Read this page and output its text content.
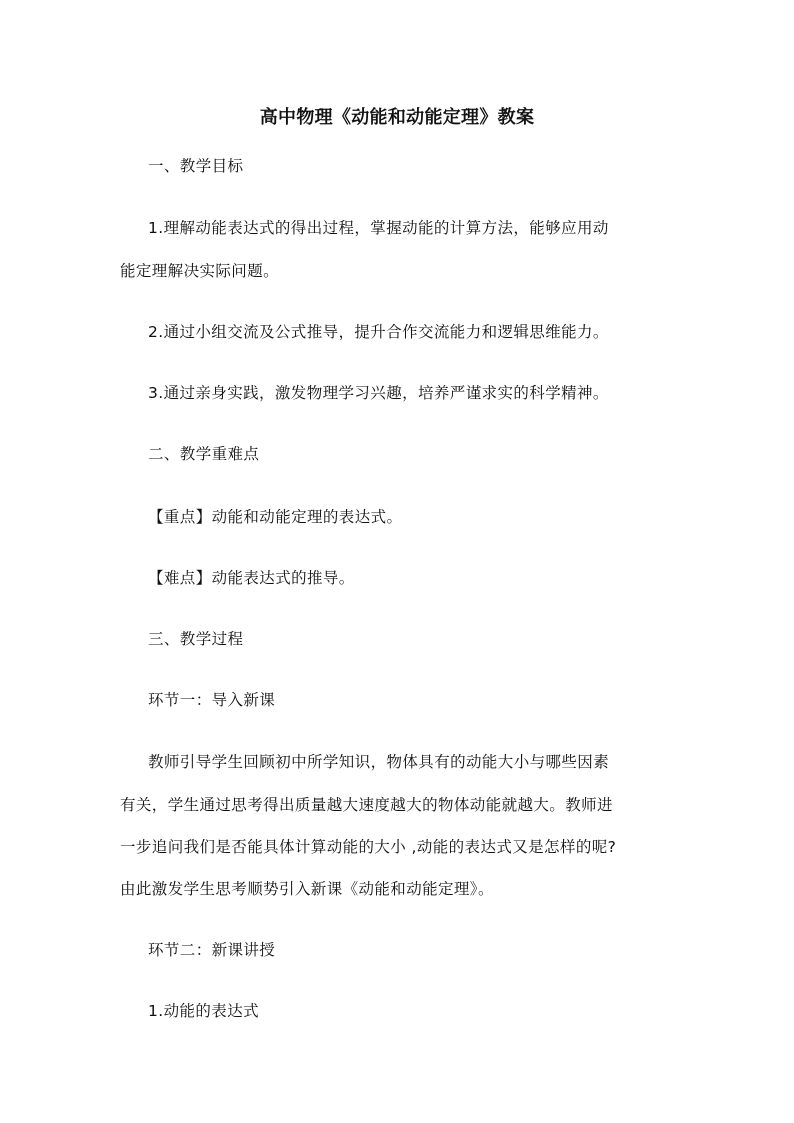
高中物理《动能和动能定理》教案
一、教学目标
1.理解动能表达式的得出过程，掌握动能的计算方法，能够应用动
能定理解决实际问题。
2.通过小组交流及公式推导，提升合作交流能力和逻辑思维能力。
3.通过亲身实践，激发物理学习兴趣，培养严谨求实的科学精神。
二、教学重难点
【重点】动能和动能定理的表达式。
【难点】动能表达式的推导。
三、教学过程
环节一：导入新课
教师引导学生回顾初中所学知识，物体具有的动能大小与哪些因素
有关，学生通过思考得出质量越大速度越大的物体动能就越大。教师进
一步追问我们是否能具体计算动能的大小 ,动能的表达式又是怎样的呢?
由此激发学生思考顺势引入新课《动能和动能定理》。
环节二：新课讲授
1.动能的表达式
